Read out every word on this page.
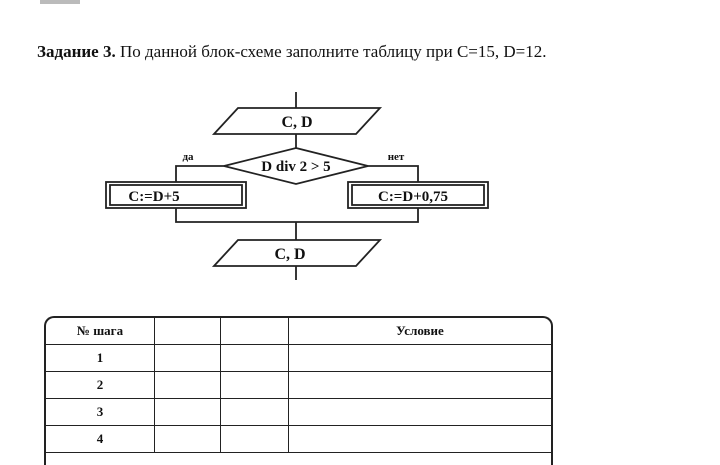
Задание 3. По данной блок-схеме заполните таблицу при C=15, D=12.
C, D
D div 2 > 5
да	нет
C:=D+5	C:=D+0,75
C, D
№ шага			Условие
1			
2			
3			
4			
